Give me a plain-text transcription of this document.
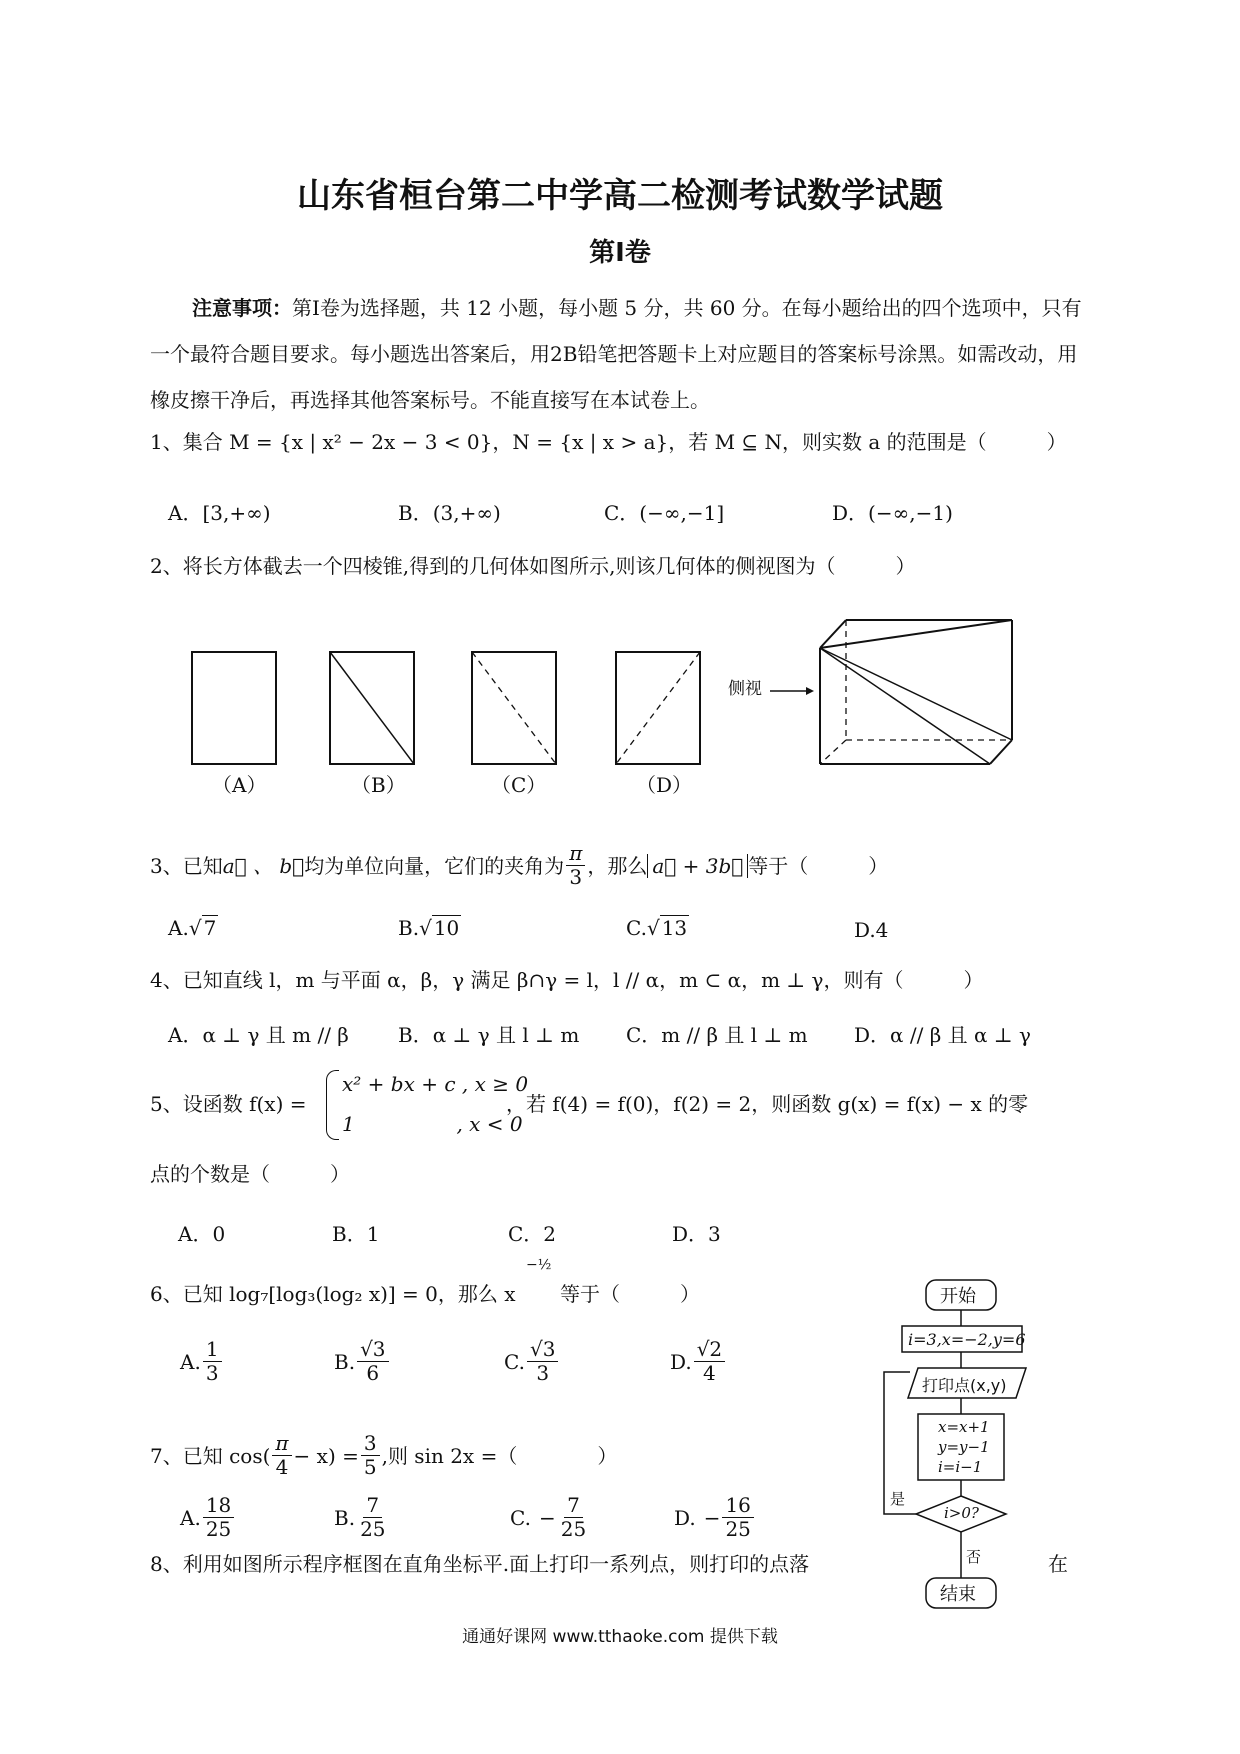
山东省桓台第二中学高二检测考试数学试题
第Ⅰ卷
注意事项：第Ⅰ卷为选择题，共 12 小题，每小题 5 分，共 60 分。在每小题给出的四个选项中，只有一个最符合题目要求。每小题选出答案后，用2B铅笔把答题卡上对应题目的答案标号涂黑。如需改动，用橡皮擦干净后，再选择其他答案标号。不能直接写在本试卷上。
1、集合 M = {x | x² − 2x − 3 < 0}，N = {x | x > a}，若 M ⊆ N，则实数 a 的范围是（　　　）
A．[3,+∞)	B．(3,+∞)	C．(−∞,−1]	D．(−∞,−1)
2、将长方体截去一个四棱锥,得到的几何体如图所示,则该几何体的侧视图为（　　　）
侧视
（A）	（B）	（C）	（D）
3、已知 a⃗ 、 b⃗ 均为单位向量，它们的夹角为 $\frac{\pi}{3}$ ，那么 a⃗ + 3b⃗ 等于（　　　）
A.√ 7	B.√ 10	C.√ 13	D.4
4、已知直线 l，m 与平面 α，β，γ 满足 β∩γ = l，l // α，m ⊂ α，m ⊥ γ，则有（　　　）
A．α ⊥ γ 且 m // β B．α ⊥ γ 且 l ⊥ m C．m // β 且 l ⊥ m D．α // β 且 α ⊥ γ
5、设函数 f(x) =
x² + bx + c , x ≥ 0
1                , x < 0
，若 f(4) = f(0)，f(2) = 2，则函数 g(x) = f(x) − x 的零
点的个数是（　　　）
A．0	B．1	C．2	D．3
6、已知 log₇[log₃(log₂ x)] = 0，那么 x
−½
等于（　　　）
A. $\frac{1}{3}$	B. $\frac{√3}{6}$	C. $\frac{√3}{3}$	D. $\frac{√2}{4}$
7、已知 $\cos( \frac{\pi}{4} - x) = \frac{3}{5}$ ,则 sin 2x =（　　　　）
A. $\frac{18}{25}$	B. $\frac{7}{25}$	C. − $\frac{7}{25}$	D. − $\frac{16}{25}$
8、利用如图所示程序框图在直角坐标平.面上打印一系列点，则打印的点落	在
开始
i=3,x=−2,y=6
打印点(x,y)
x=x+1
y=y−1
i=i−1
i>0?
是
否
结束
通通好课网 www.tthaoke.com 提供下载
